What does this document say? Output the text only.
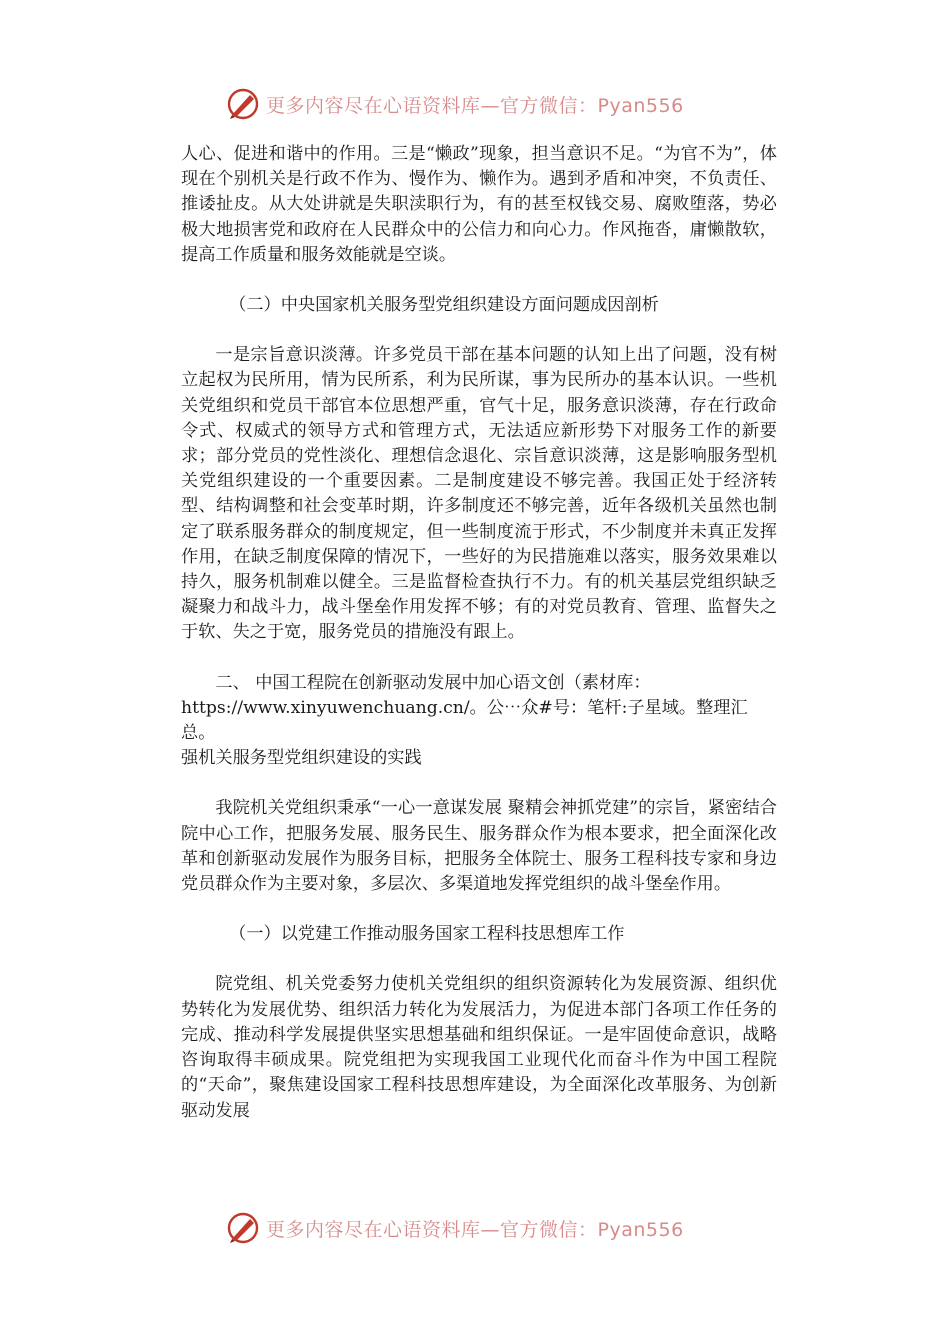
更多内容尽在心语资料库—官方微信：Pyan556

人心、促进和谐中的作用。三是“懒政”现象，担当意识不足。“为官不为”，体现在个别机关是行政不作为、慢作为、懒作为。遇到矛盾和冲突，不负责任、推诿扯皮。从大处讲就是失职渎职行为，有的甚至权钱交易、腐败堕落，势必极大地损害党和政府在人民群众中的公信力和向心力。作风拖沓，庸懒散软，提高工作质量和服务效能就是空谈。

（二）中央国家机关服务型党组织建设方面问题成因剖析

一是宗旨意识淡薄。许多党员干部在基本问题的认知上出了问题，没有树立起权为民所用，情为民所系，利为民所谋，事为民所办的基本认识。一些机关党组织和党员干部官本位思想严重，官气十足，服务意识淡薄，存在行政命令式、权威式的领导方式和管理方式，无法适应新形势下对服务工作的新要求；部分党员的党性淡化、理想信念退化、宗旨意识淡薄，这是影响服务型机关党组织建设的一个重要因素。二是制度建设不够完善。我国正处于经济转型、结构调整和社会变革时期，许多制度还不够完善，近年各级机关虽然也制定了联系服务群众的制度规定，但一些制度流于形式，不少制度并未真正发挥作用，在缺乏制度保障的情况下，一些好的为民措施难以落实，服务效果难以持久，服务机制难以健全。三是监督检查执行不力。有的机关基层党组织缺乏凝聚力和战斗力，战斗堡垒作用发挥不够；有的对党员教育、管理、监督失之于软、失之于宽，服务党员的措施没有跟上。

二、 中国工程院在创新驱动发展中加心语文创（素材库：
https://www.xinyuwenchuang.cn/。公⋯众#号：笔杆:子星域。整理汇总。
强机关服务型党组织建设的实践

我院机关党组织秉承“一心一意谋发展 聚精会神抓党建”的宗旨，紧密结合院中心工作，把服务发展、服务民生、服务群众作为根本要求，把全面深化改革和创新驱动发展作为服务目标，把服务全体院士、服务工程科技专家和身边党员群众作为主要对象，多层次、多渠道地发挥党组织的战斗堡垒作用。

（一）以党建工作推动服务国家工程科技思想库工作

院党组、机关党委努力使机关党组织的组织资源转化为发展资源、组织优势转化为发展优势、组织活力转化为发展活力，为促进本部门各项工作任务的完成、推动科学发展提供坚实思想基础和组织保证。一是牢固使命意识，战略咨询取得丰硕成果。院党组把为实现我国工业现代化而奋斗作为中国工程院的“天命”，聚焦建设国家工程科技思想库建设，为全面深化改革服务、为创新驱动发展

更多内容尽在心语资料库—官方微信：Pyan556
